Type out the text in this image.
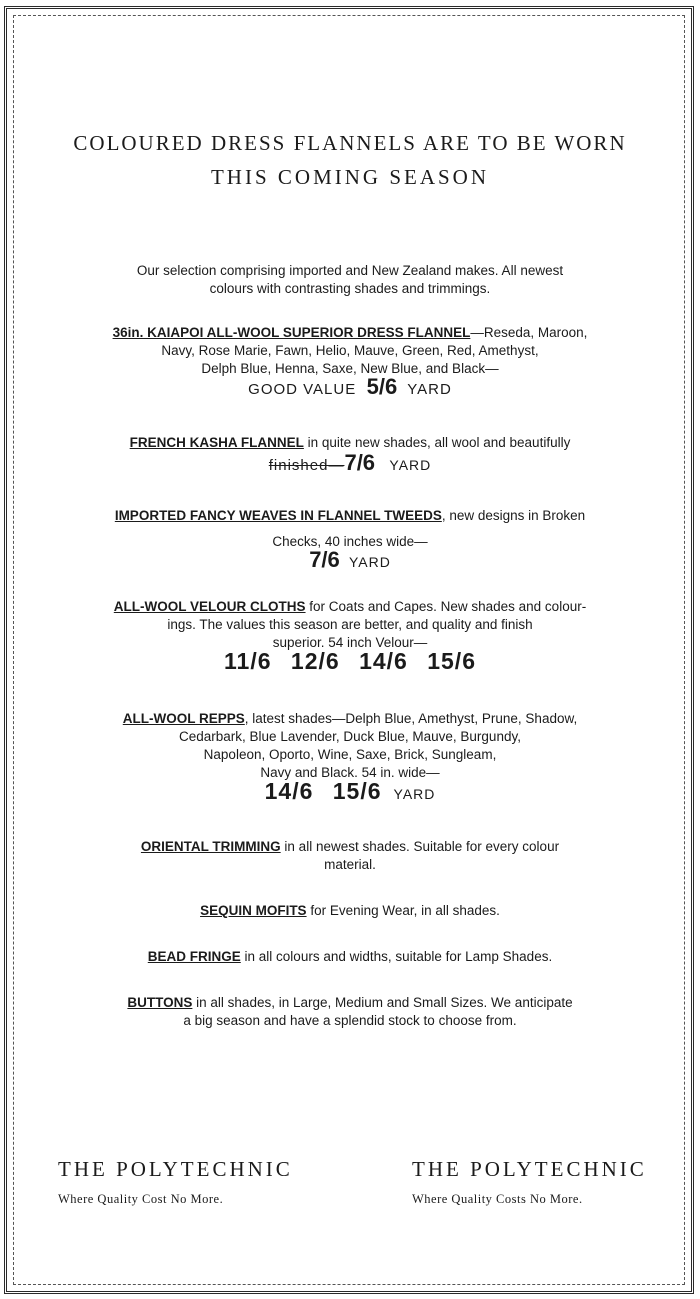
COLOURED DRESS FLANNELS ARE TO BE WORN
THIS COMING SEASON

Our selection comprising imported and New Zealand makes. All newest

colours with contrasting shades and trimmings.

36in. KAIAPOI ALL-WOOL SUPERIOR DRESS FLANNEL—Reseda, Maroon,

Navy, Rose Marie, Fawn, Helio, Mauve, Green, Red, Amethyst,

Delph Blue, Henna, Saxe, New Blue, and Black—

GOOD VALUE 5/6 YARD

FRENCH KASHA FLANNEL in quite new shades, all wool and beautifully

finished—7/6 YARD

IMPORTED FANCY WEAVES IN FLANNEL TWEEDS, new designs in Broken

Checks, 40 inches wide—

7/6 YARD

ALL-WOOL VELOUR CLOTHS for Coats and Capes. New shades and colour-

ings. The values this season are better, and quality and finish

superior. 54 inch Velour—

11/6 12/6 14/6 15/6

ALL-WOOL REPPS, latest shades—Delph Blue, Amethyst, Prune, Shadow,

Cedarbark, Blue Lavender, Duck Blue, Mauve, Burgundy,

Napoleon, Oporto, Wine, Saxe, Brick, Sungleam,

Navy and Black. 54 in. wide—

14/6 15/6 YARD

ORIENTAL TRIMMING in all newest shades. Suitable for every colour

material.

SEQUIN MOFITS for Evening Wear, in all shades.

BEAD FRINGE in all colours and widths, suitable for Lamp Shades.

BUTTONS in all shades, in Large, Medium and Small Sizes. We anticipate

a big season and have a splendid stock to choose from.

THE POLYTECHNIC
Where Quality Cost No More.
THE POLYTECHNIC
Where Quality Costs No More.
